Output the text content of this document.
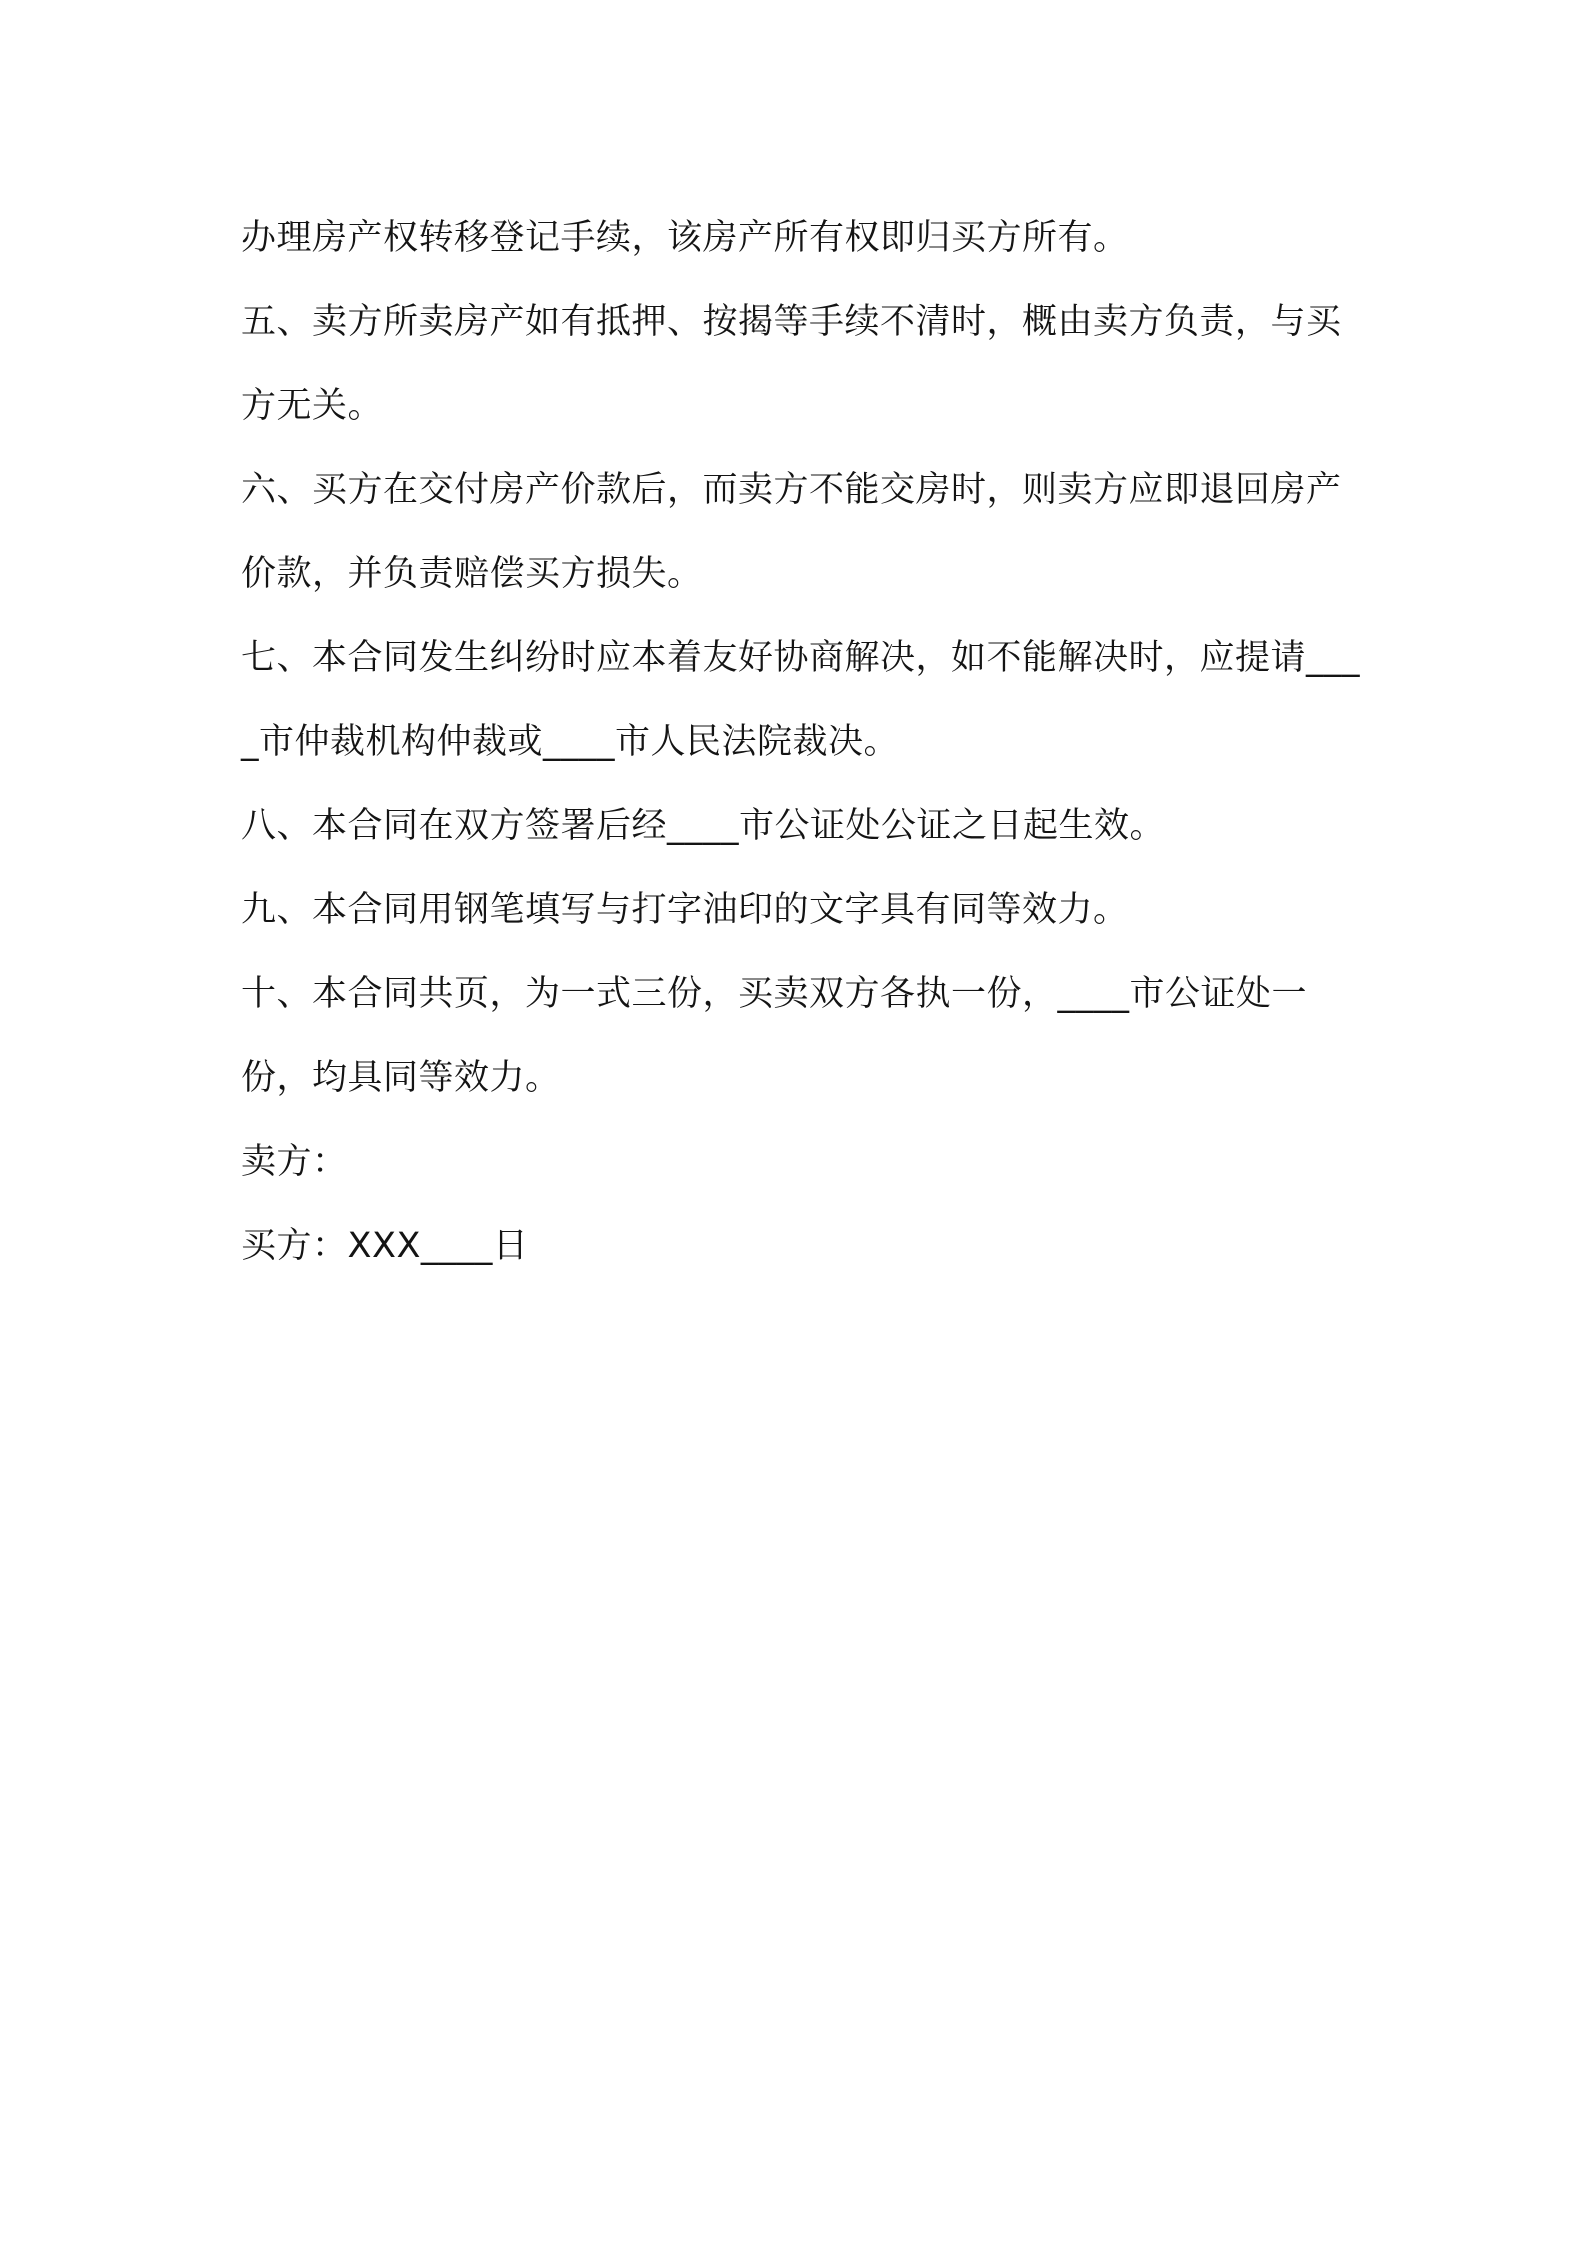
办理房产权转移登记手续，该房产所有权即归买方所有。

五、卖方所卖房产如有抵押、按揭等手续不清时，概由卖方负责，与买方无关。

六、买方在交付房产价款后，而卖方不能交房时，则卖方应即退回房产价款，并负责赔偿买方损失。

七、本合同发生纠纷时应本着友好协商解决，如不能解决时，应提请____市仲裁机构仲裁或____市人民法院裁决。

八、本合同在双方签署后经____市公证处公证之日起生效。

九、本合同用钢笔填写与打字油印的文字具有同等效力。

十、本合同共页，为一式三份，买卖双方各执一份，____市公证处一份，均具同等效力。

卖方：

买方：XXX____日
